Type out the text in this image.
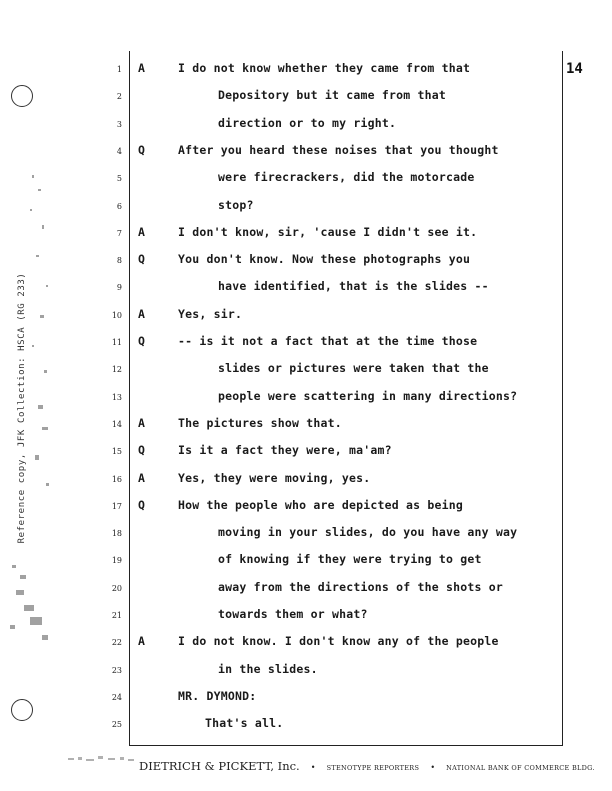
Reference copy, JFK Collection: HSCA (RG 233)
14
1 A	I do not know whether they came from that
2	Depository but it came from that
3	direction or to my right.
4 Q	After you heard these noises that you thought
5	were firecrackers, did the motorcade
6	stop?
7 A	I don't know, sir, 'cause I didn't see it.
8 Q	You don't know. Now these photographs you
9	have identified, that is the slides --
10 A	Yes, sir.
11 Q	-- is it not a fact that at the time those
12	slides or pictures were taken that the
13	people were scattering in many directions?
14 A	The pictures show that.
15 Q	Is it a fact they were, ma'am?
16 A	Yes, they were moving, yes.
17 Q	How the people who are depicted as being
18	moving in your slides, do you have any way
19	of knowing if they were trying to get
20	away from the directions of the shots or
21	towards them or what?
22 A	I do not know. I don't know any of the people
23	in the slides.
24	MR. DYMOND:
25	That's all.
DIETRICH & PICKETT, Inc. • STENOTYPE REPORTERS • NATIONAL BANK OF COMMERCE BLDG.
